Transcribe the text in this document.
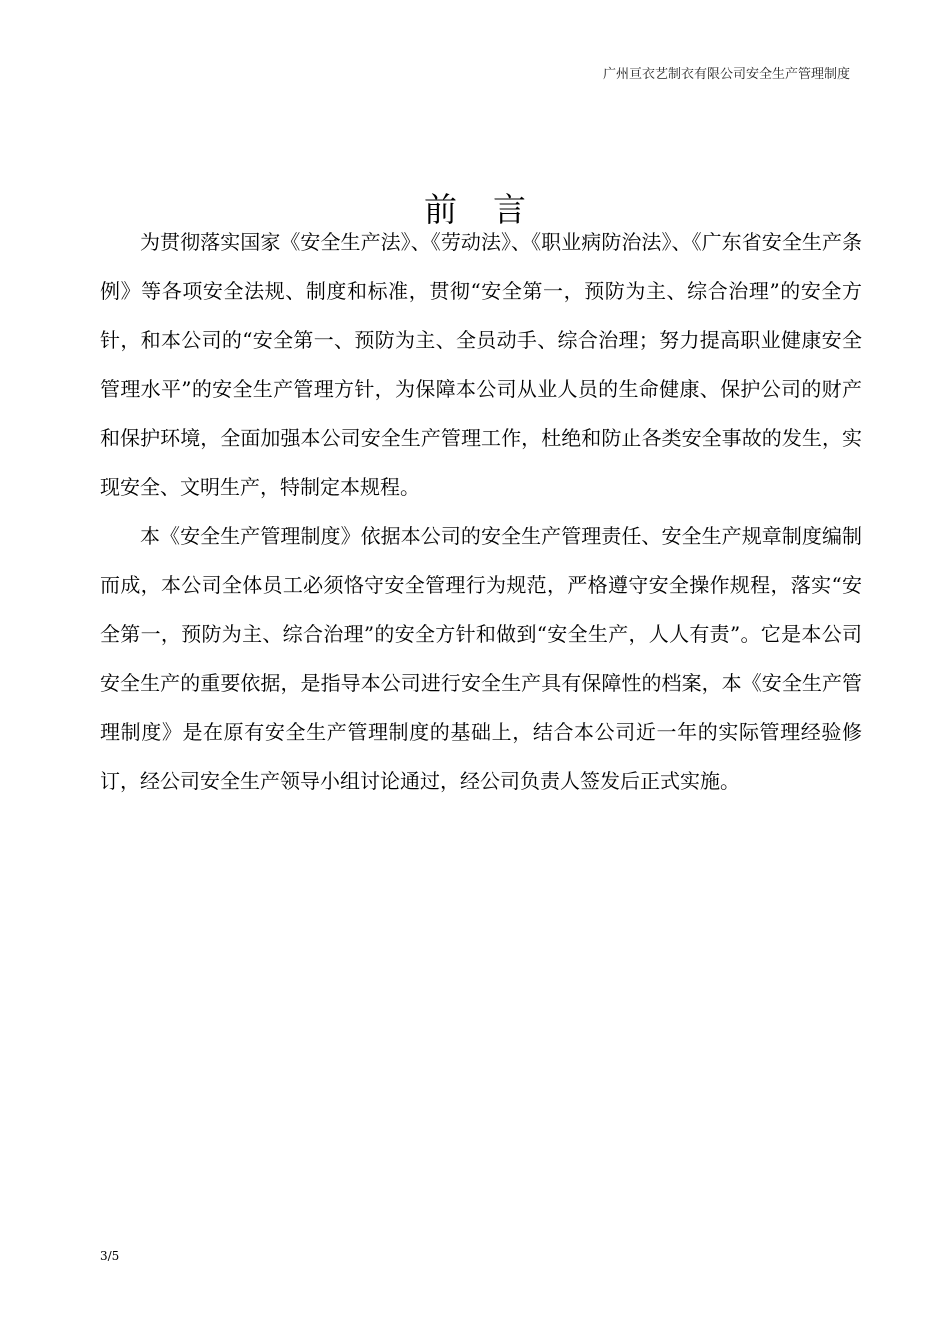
广州亘衣艺制衣有限公司安全生产管理制度
前言

为贯彻落实国家《安全生产法》、《劳动法》、《职业病防治法》、《广东省安全生产条例》等各项安全法规、制度和标准，贯彻“安全第一，预防为主、综合治理”的安全方针，和本公司的“安全第一、预防为主、全员动手、综合治理；努力提高职业健康安全管理水平”的安全生产管理方针，为保障本公司从业人员的生命健康、保护公司的财产和保护环境，全面加强本公司安全生产管理工作，杜绝和防止各类安全事故的发生，实现安全、文明生产，特制定本规程。

本《安全生产管理制度》依据本公司的安全生产管理责任、安全生产规章制度编制而成，本公司全体员工必须恪守安全管理行为规范，严格遵守安全操作规程，落实“安全第一，预防为主、综合治理”的安全方针和做到“安全生产，人人有责”。它是本公司安全生产的重要依据，是指导本公司进行安全生产具有保障性的档案，本《安全生产管理制度》是在原有安全生产管理制度的基础上，结合本公司近一年的实际管理经验修订，经公司安全生产领导小组讨论通过，经公司负责人签发后正式实施。

3/5
